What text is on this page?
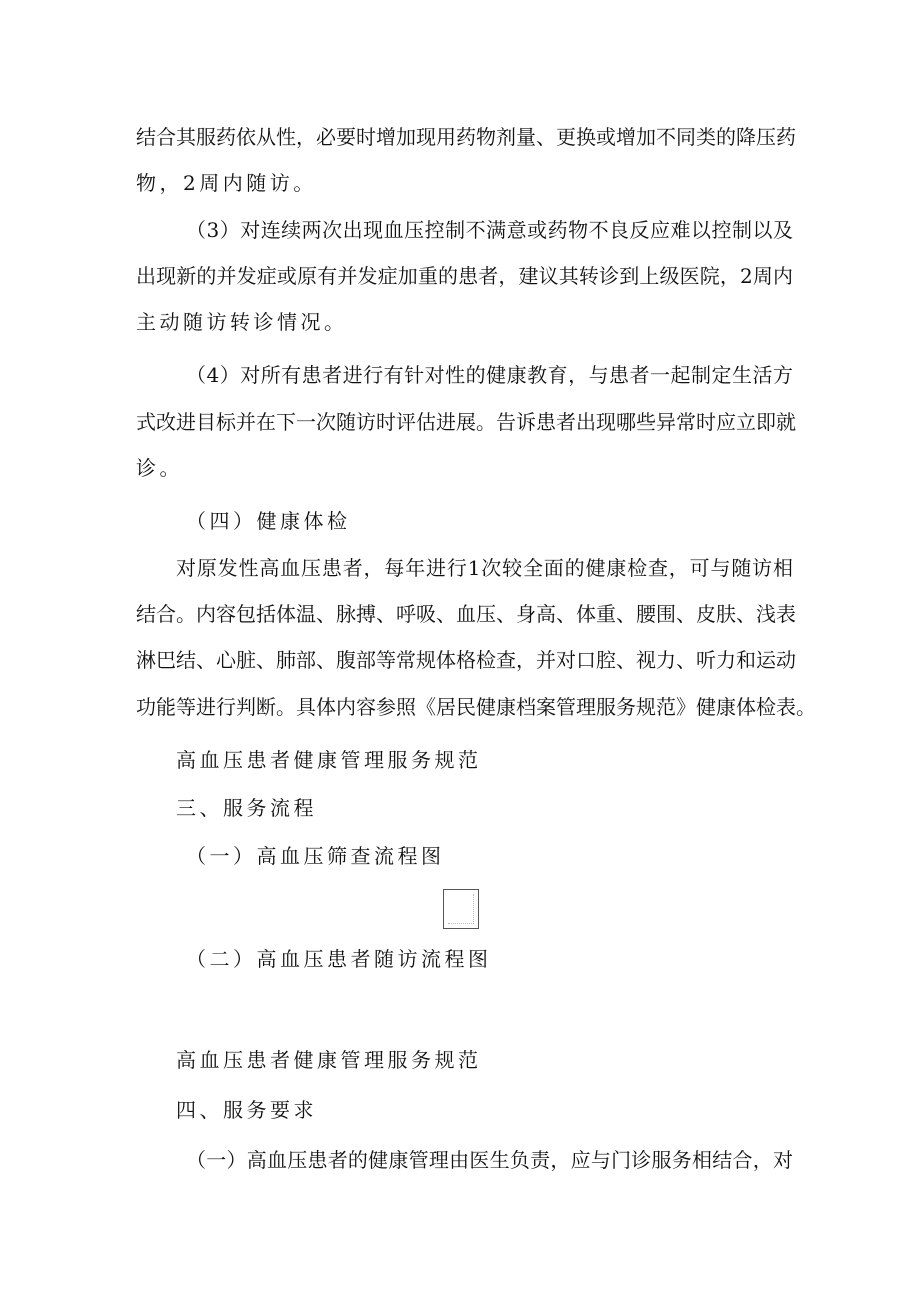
结合其服药依从性，必要时增加现用药物剂量、更换或增加不同类的降压药
物，2周内随访。
（3）对连续两次出现血压控制不满意或药物不良反应难以控制以及
出现新的并发症或原有并发症加重的患者，建议其转诊到上级医院，2周内
主动随访转诊情况。
（4）对所有患者进行有针对性的健康教育，与患者一起制定生活方
式改进目标并在下一次随访时评估进展。告诉患者出现哪些异常时应立即就
诊。
（四）健康体检
对原发性高血压患者，每年进行1次较全面的健康检查，可与随访相
结合。内容包括体温、脉搏、呼吸、血压、身高、体重、腰围、皮肤、浅表
淋巴结、心脏、肺部、腹部等常规体格检查，并对口腔、视力、听力和运动
功能等进行判断。具体内容参照《居民健康档案管理服务规范》健康体检表。
高血压患者健康管理服务规范
三、服务流程
（一）高血压筛查流程图
（二）高血压患者随访流程图
高血压患者健康管理服务规范
四、服务要求
（一）高血压患者的健康管理由医生负责，应与门诊服务相结合，对
